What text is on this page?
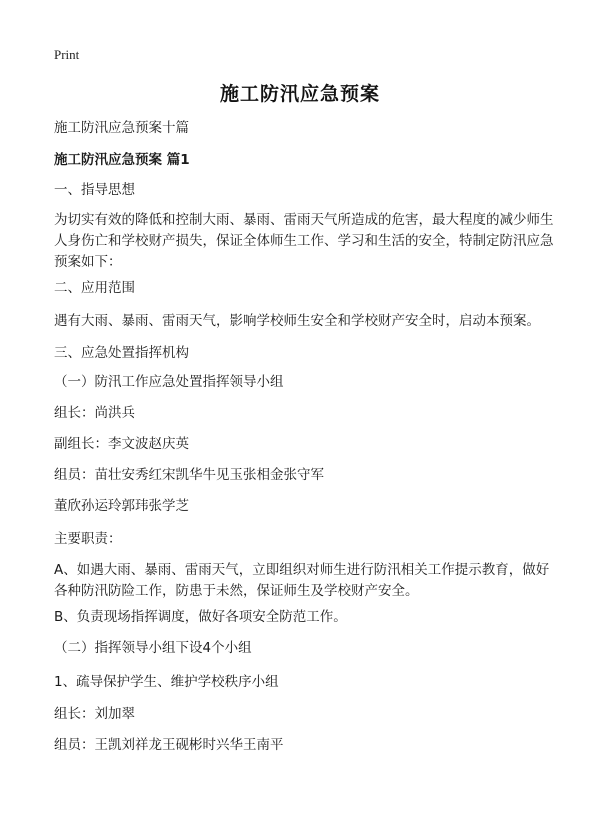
Print
施工防汛应急预案
施工防汛应急预案十篇
施工防汛应急预案 篇1
一、指导思想
为切实有效的降低和控制大雨、暴雨、雷雨天气所造成的危害，最大程度的减少师生人身伤亡和学校财产损失，保证全体师生工作、学习和生活的安全，特制定防汛应急预案如下：
二、应用范围
遇有大雨、暴雨、雷雨天气，影响学校师生安全和学校财产安全时，启动本预案。
三、应急处置指挥机构
（一）防汛工作应急处置指挥领导小组
组长：尚洪兵
副组长：李文波赵庆英
组员：苗壮安秀红宋凯华牛见玉张相金张守军
董欣孙运玲郭玮张学芝
主要职责：
A、如遇大雨、暴雨、雷雨天气，立即组织对师生进行防汛相关工作提示教育，做好各种防汛防险工作，防患于未然，保证师生及学校财产安全。
B、负责现场指挥调度，做好各项安全防范工作。
（二）指挥领导小组下设4个小组
1、疏导保护学生、维护学校秩序小组
组长：刘加翠
组员：王凯刘祥龙王砚彬时兴华王南平
